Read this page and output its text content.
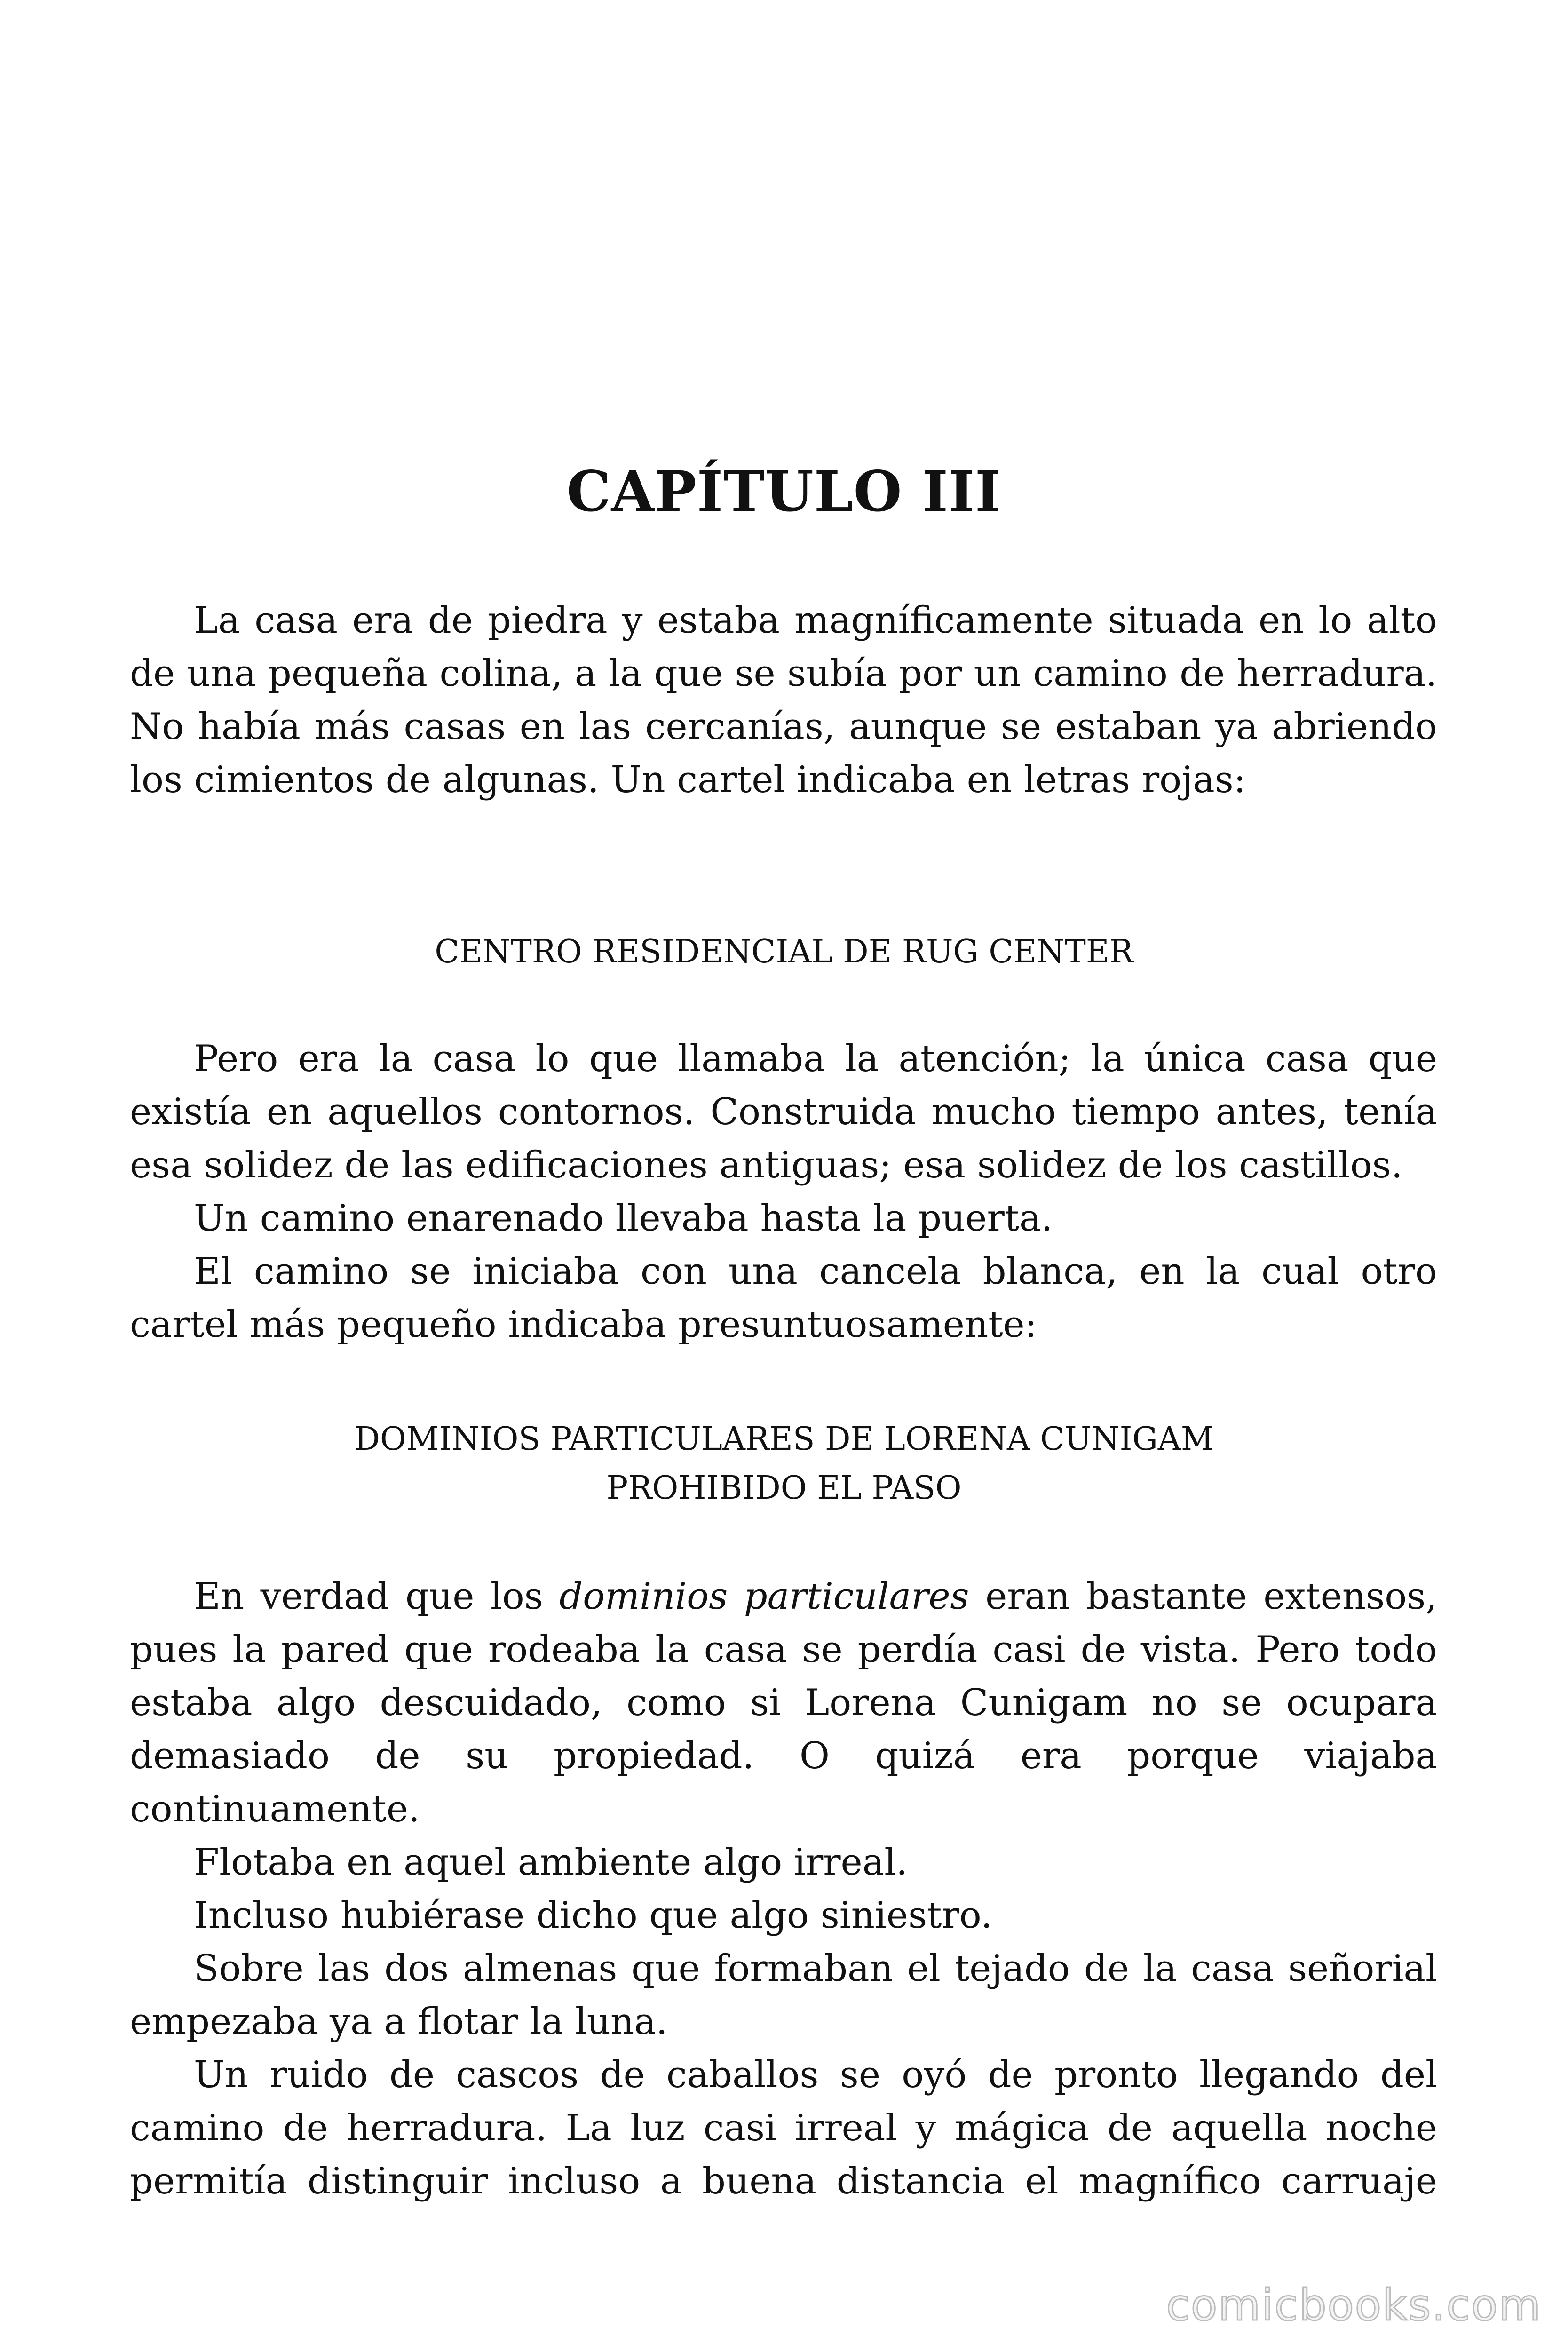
CAPÍTULO III

La casa era de piedra y estaba magníficamente situada en lo alto de una pequeña colina, a la que se subía por un camino de herradura. No había más casas en las cercanías, aunque se estaban ya abriendo los cimientos de algunas. Un cartel indicaba en letras rojas:

CENTRO RESIDENCIAL DE RUG CENTER

Pero era la casa lo que llamaba la atención; la única casa que existía en aquellos contornos. Construida mucho tiempo antes, tenía esa solidez de las edificaciones antiguas; esa solidez de los castillos.

Un camino enarenado llevaba hasta la puerta.

El camino se iniciaba con una cancela blanca, en la cual otro cartel más pequeño indicaba presuntuosamente:

DOMINIOS PARTICULARES DE LORENA CUNIGAM

PROHIBIDO EL PASO

En verdad que los dominios particulares eran bastante extensos, pues la pared que rodeaba la casa se perdía casi de vista. Pero todo estaba algo descuidado, como si Lorena Cunigam no se ocupara demasiado de su propiedad. O quizá era porque viajaba continuamente.

Flotaba en aquel ambiente algo irreal.

Incluso hubiérase dicho que algo siniestro.

Sobre las dos almenas que formaban el tejado de la casa señorial empezaba ya a flotar la luna.

Un ruido de cascos de caballos se oyó de pronto llegando del camino de herradura. La luz casi irreal y mágica de aquella noche permitía distinguir incluso a buena distancia el magnífico carruaje

comicbooks.com
